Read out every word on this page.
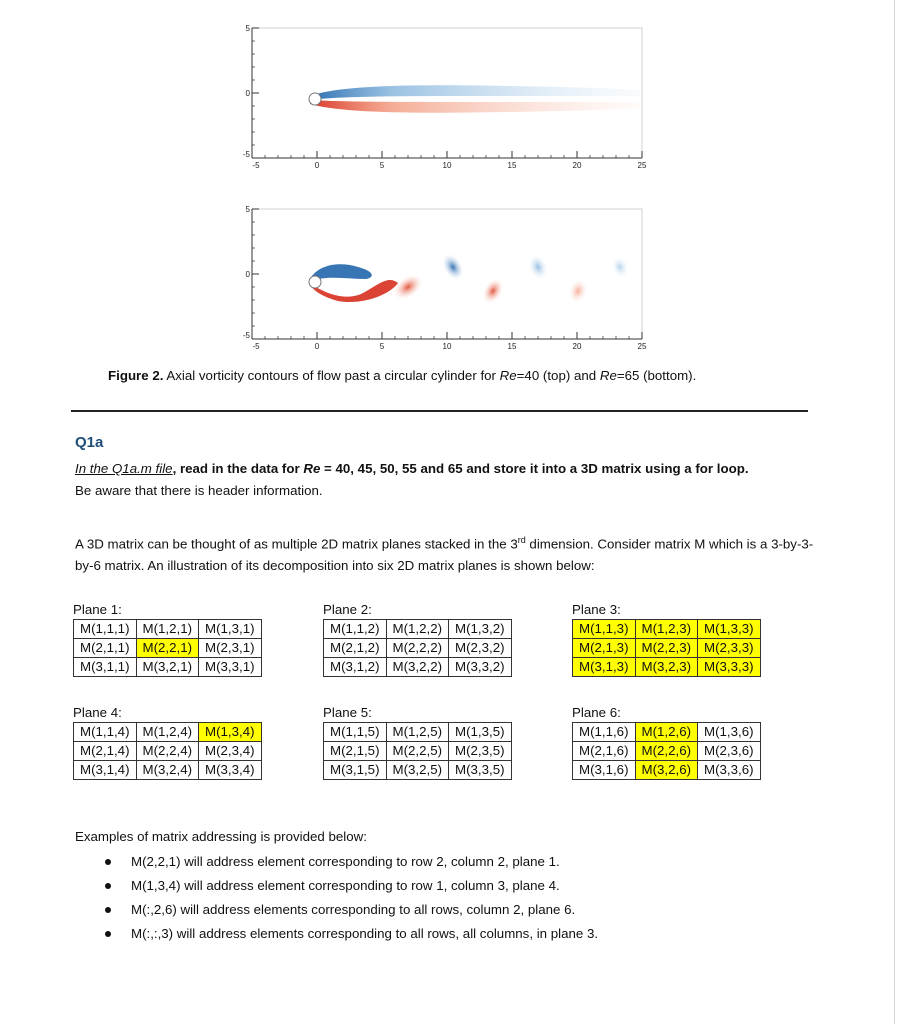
-5	0	5	10	15	20	25
5
0
-5
-5	0	5	10	15	20	25
5
0
-5
Figure 2. Axial vorticity contours of flow past a circular cylinder for Re=40 (top) and Re=65 (bottom).
Q1a
In the Q1a.m file, read in the data for Re = 40, 45, 50, 55 and 65 and store it into a 3D matrix using a for loop.
Be aware that there is header information.
A 3D matrix can be thought of as multiple 2D matrix planes stacked in the 3rd dimension. Consider matrix M which is a 3-by-3-by-6 matrix. An illustration of its decomposition into six 2D matrix planes is shown below:
Plane 1:
M(1,1,1)	M(1,2,1)	M(1,3,1)
M(2,1,1)	M(2,2,1)	M(2,3,1)
M(3,1,1)	M(3,2,1)	M(3,3,1)
Plane 2:
M(1,1,2)	M(1,2,2)	M(1,3,2)
M(2,1,2)	M(2,2,2)	M(2,3,2)
M(3,1,2)	M(3,2,2)	M(3,3,2)
Plane 3:
M(1,1,3)	M(1,2,3)	M(1,3,3)
M(2,1,3)	M(2,2,3)	M(2,3,3)
M(3,1,3)	M(3,2,3)	M(3,3,3)
Plane 4:
M(1,1,4)	M(1,2,4)	M(1,3,4)
M(2,1,4)	M(2,2,4)	M(2,3,4)
M(3,1,4)	M(3,2,4)	M(3,3,4)
Plane 5:
M(1,1,5)	M(1,2,5)	M(1,3,5)
M(2,1,5)	M(2,2,5)	M(2,3,5)
M(3,1,5)	M(3,2,5)	M(3,3,5)
Plane 6:
M(1,1,6)	M(1,2,6)	M(1,3,6)
M(2,1,6)	M(2,2,6)	M(2,3,6)
M(3,1,6)	M(3,2,6)	M(3,3,6)
Examples of matrix addressing is provided below:
M(2,2,1) will address element corresponding to row 2, column 2, plane 1.
M(1,3,4) will address element corresponding to row 1, column 3, plane 4.
M(:,2,6) will address elements corresponding to all rows, column 2, plane 6.
M(:,:,3) will address elements corresponding to all rows, all columns, in plane 3.
